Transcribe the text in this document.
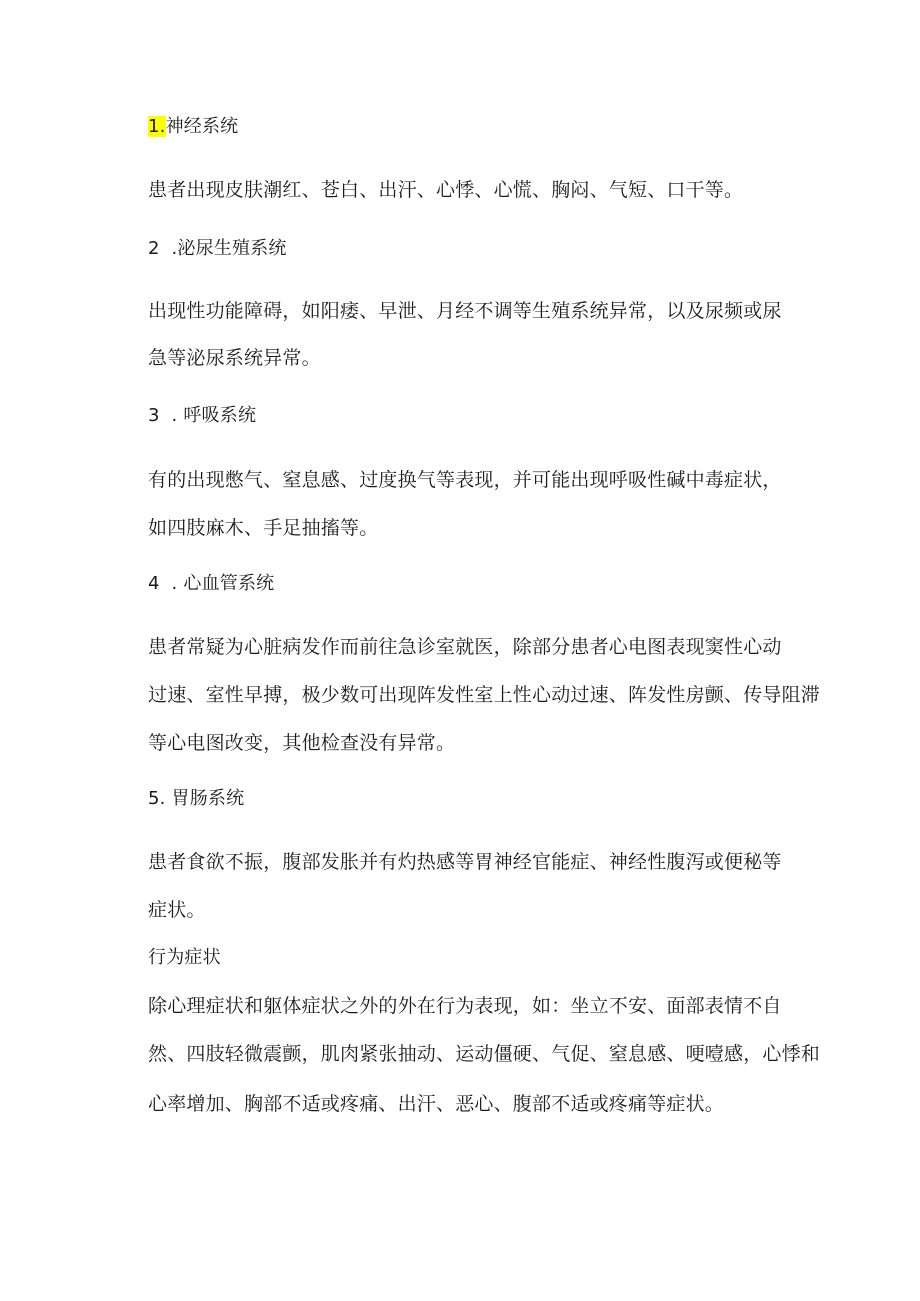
1.神经系统
患者出现皮肤潮红、苍白、出汗、心悸、心慌、胸闷、气短、口干等。
2 .泌尿生殖系统
出现性功能障碍，如阳痿、早泄、月经不调等生殖系统异常，以及尿频或尿
急等泌尿系统异常。
3 . 呼吸系统
有的出现憋气、窒息感、过度换气等表现，并可能出现呼吸性碱中毒症状，
如四肢麻木、手足抽搐等。
4 . 心血管系统
患者常疑为心脏病发作而前往急诊室就医，除部分患者心电图表现窦性心动
过速、室性早搏，极少数可出现阵发性室上性心动过速、阵发性房颤、传导阻滞
等心电图改变，其他检查没有异常。
5. 胃肠系统
患者食欲不振，腹部发胀并有灼热感等胃神经官能症、神经性腹泻或便秘等
症状。
行为症状
除心理症状和躯体症状之外的外在行为表现，如：坐立不安、面部表情不自
然、四肢轻微震颤，肌肉紧张抽动、运动僵硬、气促、窒息感、哽噎感，心悸和
心率增加、胸部不适或疼痛、出汗、恶心、腹部不适或疼痛等症状。
